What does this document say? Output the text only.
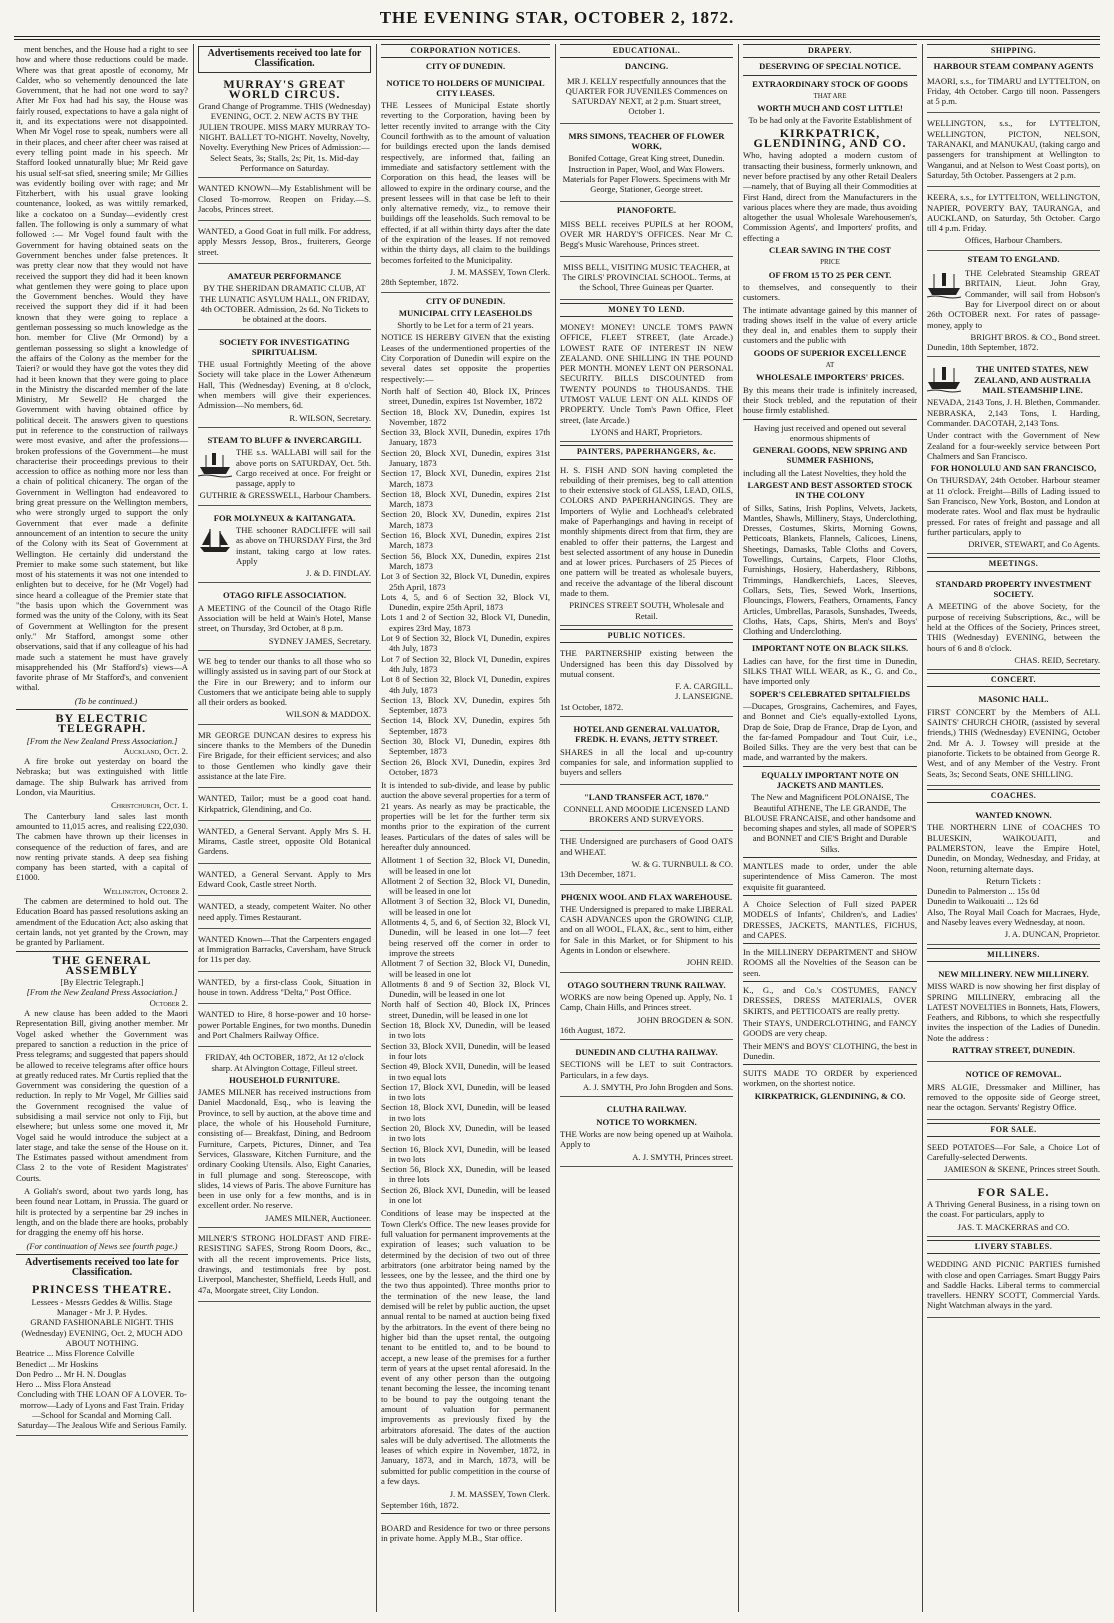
THE EVENING STAR, OCTOBER 2, 1872.

ment benches, and the House had a right to see how and where those reductions could be made. Where was that great apostle of economy, Mr Calder, who so vehemently denounced the late Government, that he had not one word to say? After Mr Fox had had his say, the House was fairly roused, expectations to have a gala night of it, and its expectations were not disappointed. When Mr Vogel rose to speak, numbers were all in their places, and cheer after cheer was raised at every telling point made in his speech. Mr Stafford looked unnaturally blue; Mr Reid gave his usual self-sat sfied, sneering smile; Mr Gillies was evidently boiling over with rage; and Mr Fitzherbert, with his usual grave looking countenance, looked, as was wittily remarked, like a cockatoo on a Sunday—evidently crest fallen. The following is only a summary of what followed :— Mr Vogel found fault with the Government for having obtained seats on the Government benches under false pretences. It was pretty clear now that they would not have received the support they did had it been known what gentlemen they were going to place upon the Government benches. Would they have received the support they did if it had been known that they were going to replace a gentleman possessing so much knowledge as the hon. member for Clive (Mr Ormond) by a gentleman possessing so slight a knowledge of the affairs of the Colony as the member for the Taieri? or would they have got the votes they did had it been known that they were going to place in the Ministry the discarded member of the late Ministry, Mr Sewell? He charged the Government with having obtained office by political deceit. The answers given to questions put in reference to the construction of railways were most evasive, and after the professions—broken professions of the Government—he must characterise their proceedings previous to their accession to office as nothing more nor less than a chain of political chicanery. The organ of the Government in Wellington had endeavored to bring great pressure on the Wellington members, who were strongly urged to support the only Government that ever made a definite announcement of an intention to secure the unity of the Colony with its Seat of Government at Wellington. He certainly did understand the Premier to make some such statement, but like most of his statements it was not one intended to enlighten but to deceive, for he (Mr Vogel) had since heard a colleague of the Premier state that "the basis upon which the Government was formed was the unity of the Colony, with its Seat of Government at Wellington for the present only." Mr Stafford, amongst some other observations, said that if any colleague of his had made such a statement he must have gravely misapprehended his (Mr Stafford's) views—A favorite phrase of Mr Stafford's, and convenient withal.

(To be continued.)

BY ELECTRIC TELEGRAPH.
[From the New Zealand Press Association.]
Auckland, Oct. 2.

A fire broke out yesterday on board the Nebraska; but was extinguished with little damage. The ship Bulwark has arrived from London, via Mauritius.

Christchurch, Oct. 1.

The Canterbury land sales last month amounted to 11,015 acres, and realising £22,030. The cabmen have thrown up their licenses in consequence of the reduction of fares, and are now renting private stands. A deep sea fishing company has been started, with a capital of £1000.

Wellington, October 2.

The cabmen are determined to hold out. The Education Board has passed resolutions asking an amendment of the Education Act; also asking that certain lands, not yet granted by the Crown, may be granted by Parliament.

THE GENERAL ASSEMBLY
[By Electric Telegraph.]
[From the New Zealand Press Association.]
October 2.

A new clause has been added to the Maori Representation Bill, giving another member. Mr Vogel asked whether the Government was prepared to sanction a reduction in the price of Press telegrams; and suggested that papers should be allowed to receive telegrams after office hours at greatly reduced rates. Mr Curtis replied that the Government was considering the question of a reduction. In reply to Mr Vogel, Mr Gillies said the Government recognised the value of subsidising a mail service not only to Fiji, but elsewhere; but unless some one moved it, Mr Vogel said he would introduce the subject at a later stage, and take the sense of the House on it. The Estimates passed without amendment from Class 2 to the vote of Resident Magistrates' Courts.

A Goliah's sword, about two yards long, has been found near Lottam, in Prussia. The guard or hilt is protected by a serpentine bar 29 inches in length, and on the blade there are hooks, probably for dragging the enemy off his horse.

(For continuation of News see fourth page.)
Advertisements received too late for Classification.
PRINCESS THEATRE.
Lessees - Messrs Geddes & Willis. Stage Manager - Mr J. P. Hydes.
GRAND FASHIONABLE NIGHT. THIS (Wednesday) EVENING, Oct. 2, MUCH ADO ABOUT NOTHING.
Beatrice ... Miss Florence Colville
Benedict ... Mr Hoskins
Don Pedro ... Mr H. N. Douglas
Hero ... Miss Flora Anstead
Concluding with THE LOAN OF A LOVER. To-morrow—Lady of Lyons and Fast Train. Friday—School for Scandal and Morning Call. Saturday—The Jealous Wife and Serious Family.
Advertisements received too late for Classification.
MURRAY'S GREAT WORLD CIRCUS.
Grand Change of Programme. THIS (Wednesday) EVENING, OCT. 2. NEW ACTS BY THE JULIEN TROUPE. MISS MARY MURRAY TO-NIGHT. BALLET TO-NIGHT. Novelty, Novelty, Novelty. Everything New Prices of Admission:—Select Seats, 3s; Stalls, 2s; Pit, 1s. Mid-day Performance on Saturday.

WANTED KNOWN—My Establishment will be Closed To-morrow. Reopen on Friday.—S. Jacobs, Princes street.

WANTED, a Good Goat in full milk. For address, apply Messrs Jessop, Bros., fruiterers, George street.

AMATEUR PERFORMANCE
BY THE SHERIDAN DRAMATIC CLUB, AT THE LUNATIC ASYLUM HALL, ON FRIDAY, 4th OCTOBER. Admission, 2s 6d. No Tickets to be obtained at the doors.
SOCIETY FOR INVESTIGATING SPIRITUALISM.

THE usual Fortnightly Meeting of the above Society will take place in the Lower Athenæum Hall, This (Wednesday) Evening, at 8 o'clock, when members will give their experiences. Admission—No members, 6d.

R. WILSON, Secretary.
STEAM TO BLUFF & INVERCARGILL

THE s.s. WALLABI will sail for the above ports on SATURDAY, Oct. 5th. Cargo received at once. For freight or passage, apply to

GUTHRIE & GRESSWELL, Harbour Chambers.
FOR MOLYNEUX & KAITANGATA.

THE schooner RADCLIFFE will sail as above on THURSDAY First, the 3rd instant, taking cargo at low rates. Apply

J. & D. FINDLAY.
OTAGO RIFLE ASSOCIATION.

A MEETING of the Council of the Otago Rifle Association will be held at Wain's Hotel, Manse street, on Thursday, 3rd October, at 8 p.m.

SYDNEY JAMES, Secretary.

WE beg to tender our thanks to all those who so willingly assisted us in saving part of our Stock at the Fire in our Brewery; and to inform our Customers that we anticipate being able to supply all their orders as booked.

WILSON & MADDOX.

MR GEORGE DUNCAN desires to express his sincere thanks to the Members of the Dunedin Fire Brigade, for their efficient services; and also to those Gentlemen who kindly gave their assistance at the late Fire.

WANTED, Tailor; must be a good coat hand. Kirkpatrick, Glendining, and Co.

WANTED, a General Servant. Apply Mrs S. H. Mirams, Castle street, opposite Old Botanical Gardens.

WANTED, a General Servant. Apply to Mrs Edward Cook, Castle street North.

WANTED, a steady, competent Waiter. No other need apply. Times Restaurant.

WANTED Known—That the Carpenters engaged at Immigration Barracks, Caversham, have Struck for 11s per day.

WANTED, by a first-class Cook, Situation in house in town. Address "Delta," Post Office.

WANTED to Hire, 8 horse-power and 10 horse-power Portable Engines, for two months. Dunedin and Port Chalmers Railway Office.

FRIDAY, 4th OCTOBER, 1872, At 12 o'clock sharp. At Alvington Cottage, Filleul street.
HOUSEHOLD FURNITURE.

JAMES MILNER has received instructions from Daniel Macdonald, Esq., who is leaving the Province, to sell by auction, at the above time and place, the whole of his Household Furniture, consisting of— Breakfast, Dining, and Bedroom Furniture, Carpets, Pictures, Dinner, and Tea Services, Glassware, Kitchen Furniture, and the ordinary Cooking Utensils. Also, Eight Canaries, in full plumage and song. Stereoscope, with slides, 14 views of Paris. The above Furniture has been in use only for a few months, and is in excellent order. No reserve.

JAMES MILNER, Auctioneer.

MILNER'S STRONG HOLDFAST AND FIRE-RESISTING SAFES, Strong Room Doors, &c., with all the recent improvements. Price lists, drawings, and testimonials free by post. Liverpool, Manchester, Sheffield, Leeds Hull, and 47a, Moorgate street, City London.

CORPORATION NOTICES.
CITY OF DUNEDIN.
NOTICE TO HOLDERS OF MUNICIPAL CITY LEASES.

THE Lessees of Municipal Estate shortly reverting to the Corporation, having been by letter recently invited to arrange with the City Council forthwith as to the amount of valuation for buildings erected upon the lands demised respectively, are informed that, failing an immediate and satisfactory settlement with the Corporation on this head, the leases will be allowed to expire in the ordinary course, and the present lessees will in that case be left to their only alternative remedy, viz., to remove their buildings off the leaseholds. Such removal to be effected, if at all within thirty days after the date of the expiration of the leases. If not removed within the thirty days, all claim to the buildings becomes forfeited to the Municipality.

J. M. MASSEY, Town Clerk.
28th September, 1872.
CITY OF DUNEDIN.
MUNICIPAL CITY LEASEHOLDS
Shortly to be Let for a term of 21 years.

NOTICE IS HEREBY GIVEN that the existing Leases of the undermentioned properties of the City Corporation of Dunedin will expire on the several dates set opposite the properties respectively:—

North half of Section 40, Block IX, Princes street, Dunedin, expires 1st November, 1872
Section 18, Block XV, Dunedin, expires 1st November, 1872
Section 33, Block XVII, Dunedin, expires 17th January, 1873
Section 20, Block XVI, Dunedin, expires 31st January, 1873
Section 17, Block XVI, Dunedin, expires 21st March, 1873
Section 18, Block XVI, Dunedin, expires 21st March, 1873
Section 20, Block XV, Dunedin, expires 21st March, 1873
Section 16, Block XVI, Dunedin, expires 21st March, 1873
Section 56, Block XX, Dunedin, expires 21st March, 1873
Lot 3 of Section 32, Block VI, Dunedin, expires 25th April, 1873
Lots 4, 5, and 6 of Section 32, Block VI, Dunedin, expire 25th April, 1873
Lots 1 and 2 of Section 32, Block VI, Dunedin, expires 23rd May, 1873
Lot 9 of Section 32, Block VI, Dunedin, expires 4th July, 1873
Lot 7 of Section 32, Block VI, Dunedin, expires 4th July, 1873
Lot 8 of Section 32, Block VI, Dunedin, expires 4th July, 1873
Section 13, Block XV, Dunedin, expires 5th September, 1873
Section 14, Block XV, Dunedin, expires 5th September, 1873
Section 30, Block VI, Dunedin, expires 8th September, 1873
Section 26, Block XVI, Dunedin, expires 3rd October, 1873

It is intended to sub-divide, and lease by public auction the above several properties for a term of 21 years. As nearly as may be practicable, the properties will be let for the further term six months prior to the expiration of the current leases. Particulars of the dates of sales will be hereafter duly announced.

Allotment 1 of Section 32, Block VI, Dunedin, will be leased in one lot
Allotment 2 of Section 32, Block VI, Dunedin, will be leased in one lot
Allotment 3 of Section 32, Block VI, Dunedin, will be leased in one lot
Allotments 4, 5, and 6, of Section 32, Block VI, Dunedin, will be leased in one lot—7 feet being reserved off the corner in order to improve the streets
Allotment 7 of Section 32, Block VI, Dunedin, will be leased in one lot
Allotments 8 and 9 of Section 32, Block VI, Dunedin, will be leased in one lot
North half of Section 40, Block IX, Princes street, Dunedin, will be leased in one lot
Section 18, Block XV, Dunedin, will be leased in two lots
Section 33, Block XVII, Dunedin, will be leased in four lots
Section 49, Block XVII, Dunedin, will be leased in two equal lots
Section 17, Block XVI, Dunedin, will be leased in two lots
Section 18, Block XVI, Dunedin, will be leased in two lots
Section 20, Block XV, Dunedin, will be leased in two lots
Section 16, Block XVI, Dunedin, will be leased in two lots
Section 56, Block XX, Dunedin, will be leased in three lots
Section 26, Block XVI, Dunedin, will be leased in one lot

Conditions of lease may be inspected at the Town Clerk's Office. The new leases provide for full valuation for permanent improvements at the expiration of leases; such valuation to be determined by the decision of two out of three arbitrators (one arbitrator being named by the lessees, one by the lessee, and the third one by the two thus appointed). Three months prior to the termination of the new lease, the land demised will be relet by public auction, the upset annual rental to be named at auction being fixed by the arbitrators. In the event of there being no higher bid than the upset rental, the outgoing tenant to be entitled to, and to be bound to accept, a new lease of the premises for a further term of years at the upset rental aforesaid. In the event of any other person than the outgoing tenant becoming the lessee, the incoming tenant to be bound to pay the outgoing tenant the amount of valuation for permanent improvements as previously fixed by the arbitrators aforesaid. The dates of the auction sales will be duly advertised. The allotments the leases of which expire in November, 1872, in January, 1873, and in March, 1873, will be submitted for public competition in the course of a few days.

J. M. MASSEY, Town Clerk.
September 16th, 1872.

BOARD and Residence for two or three persons in private home. Apply M.B., Star office.

EDUCATIONAL.
DANCING.

MR J. KELLY respectfully announces that the QUARTER FOR JUVENILES Commences on SATURDAY NEXT, at 2 p.m. Stuart street, October 1.

MRS SIMONS, TEACHER OF FLOWER WORK,

Bonifed Cottage, Great King street, Dunedin. Instruction in Paper, Wool, and Wax Flowers. Materials for Paper Flowers. Specimens with Mr George, Stationer, George street.

PIANOFORTE.

MISS BELL receives PUPILS at her ROOM, OVER MR HARDY'S OFFICES. Near Mr C. Begg's Music Warehouse, Princes street.

MISS BELL, VISITING MUSIC TEACHER, at The GIRLS' PROVINCIAL SCHOOL. Terms, at the School, Three Guineas per Quarter.

MONEY TO LEND.

MONEY! MONEY! UNCLE TOM'S PAWN OFFICE, FLEET STREET, (late Arcade.) LOWEST RATE OF INTEREST IN NEW ZEALAND. ONE SHILLING IN THE POUND PER MONTH. MONEY LENT ON PERSONAL SECURITY. BILLS DISCOUNTED from TWENTY POUNDS to THOUSANDS. THE UTMOST VALUE LENT ON ALL KINDS OF PROPERTY. Uncle Tom's Pawn Office, Fleet street, (late Arcade.)

LYONS and HART, Proprietors.
PAINTERS, PAPERHANGERS, &c.

H. S. FISH AND SON having completed the rebuilding of their premises, beg to call attention to their extensive stock of GLASS, LEAD, OILS, COLORS AND PAPERHANGINGS. They are Importers of Wylie and Lochhead's celebrated make of Paperhangings and having in receipt of monthly shipments direct from that firm, they are enabled to offer their patterns, the Largest and best selected assortment of any house in Dunedin and at lower prices. Purchasers of 25 Pieces of one pattern will be treated as wholesale buyers, and receive the advantage of the liberal discount made to them.

PRINCES STREET SOUTH, Wholesale and Retail.
PUBLIC NOTICES.

THE PARTNERSHIP existing between the Undersigned has been this day Dissolved by mutual consent.

F. A. CARGILL.
J. LANSEIGNE.
1st October, 1872.
HOTEL AND GENERAL VALUATOR, FREDK. H. EVANS, JETTY STREET.

SHARES in all the local and up-country companies for sale, and information supplied to buyers and sellers

"LAND TRANSFER ACT, 1870."

CONNELL AND MOODIE LICENSED LAND BROKERS AND SURVEYORS.

THE Undersigned are purchasers of Good OATS and WHEAT.

W. & G. TURNBULL & CO.
13th December, 1871.
PHŒNIX WOOL AND FLAX WAREHOUSE.

THE Undersigned is prepared to make LIBERAL CASH ADVANCES upon the GROWING CLIP, and on all WOOL, FLAX, &c., sent to him, either for Sale in this Market, or for Shipment to his Agents in London or elsewhere.

JOHN REID.
OTAGO SOUTHERN TRUNK RAILWAY.

WORKS are now being Opened up. Apply, No. 1 Camp, Chain Hills, and Princes street.

JOHN BROGDEN & SON.
16th August, 1872.
DUNEDIN AND CLUTHA RAILWAY.

SECTIONS will be LET to suit Contractors. Particulars, in a few days.

A. J. SMYTH, Pro John Brogden and Sons.
CLUTHA RAILWAY.
NOTICE TO WORKMEN.

THE Works are now being opened up at Waihola. Apply to

A. J. SMYTH, Princes street.
DRAPERY.
DESERVING OF SPECIAL NOTICE.
EXTRAORDINARY STOCK OF GOODS
THAT ARE
WORTH MUCH AND COST LITTLE!
To be had only at the Favorite Establishment of
KIRKPATRICK, GLENDINING, AND CO.

Who, having adopted a modern custom of transacting their business, formerly unknown, and never before practised by any other Retail Dealers—namely, that of Buying all their Commodities at First Hand, direct from the Manufacturers in the various places where they are made, thus avoiding altogether the usual Wholesale Warehousemen's, Commission Agents', and Importers' profits, and effecting a

CLEAR SAVING IN THE COST
PRICE
OF FROM 15 TO 25 PER CENT.

to themselves, and consequently to their customers.

The intimate advantage gained by this manner of trading shows itself in the value of every article they deal in, and enables them to supply their customers and the public with

GOODS OF SUPERIOR EXCELLENCE
AT
WHOLESALE IMPORTERS' PRICES.

By this means their trade is infinitely increased, their Stock trebled, and the reputation of their house firmly established.

Having just received and opened out several enormous shipments of

GENERAL GOODS, NEW SPRING AND SUMMER FASHIONS,

including all the Latest Novelties, they hold the

LARGEST AND BEST ASSORTED STOCK IN THE COLONY

of Silks, Satins, Irish Poplins, Velvets, Jackets, Mantles, Shawls, Millinery, Stays, Underclothing, Dresses, Costumes, Skirts, Morning Gowns, Petticoats, Blankets, Flannels, Calicoes, Linens, Sheetings, Damasks, Table Cloths and Covers, Towellings, Curtains, Carpets, Floor Cloths, Furnishings, Hosiery, Haberdashery, Ribbons, Trimmings, Handkerchiefs, Laces, Sleeves, Collars, Sets, Ties, Sewed Work, Insertions, Flouncings, Flowers, Feathers, Ornaments, Fancy Articles, Umbrellas, Parasols, Sunshades, Tweeds, Cloths, Hats, Caps, Shirts, Men's and Boys' Clothing and Underclothing.

IMPORTANT NOTE ON BLACK SILKS.

Ladies can have, for the first time in Dunedin, SILKS THAT WILL WEAR, as K., G. and Co., have imported only

SOPER'S CELEBRATED SPITALFIELDS

—Ducapes, Grosgrains, Cachemires, and Fayes, and Bonnet and Cie's equally-extolled Lyons, Drap de Soie, Drap de France, Drap de Lyon, and the far-famed Pompadour and Tout Cuir, i.e., Boiled Silks. They are the very best that can be made, and warranted by the makers.

EQUALLY IMPORTANT NOTE ON JACKETS AND MANTLES.

The New and Magnificent POLONAISE, The Beautiful ATHENE, The LE GRANDE, The BLOUSE FRANCAISE, and other handsome and becoming shapes and styles, all made of SOPER'S and BONNET and CIE'S Bright and Durable Silks.

MANTLES made to order, under the able superintendence of Miss Cameron. The most exquisite fit guaranteed.

A Choice Selection of Full sized PAPER MODELS of Infants', Children's, and Ladies' DRESSES, JACKETS, MANTLES, FICHUS, and CAPES.

In the MILLINERY DEPARTMENT and SHOW ROOMS all the Novelties of the Season can be seen.

K., G., and Co.'s COSTUMES, FANCY DRESSES, DRESS MATERIALS, OVER SKIRTS, and PETTICOATS are really pretty.

Their STAYS, UNDERCLOTHING, and FANCY GOODS are very cheap.

Their MEN'S and BOYS' CLOTHING, the best in Dunedin.

SUITS MADE TO ORDER by experienced workmen, on the shortest notice.

KIRKPATRICK, GLENDINING, & CO.
SHIPPING.
HARBOUR STEAM COMPANY AGENTS

MAORI, s.s., for TIMARU and LYTTELTON, on Friday, 4th October. Cargo till noon. Passengers at 5 p.m.

WELLINGTON, s.s., for LYTTELTON, WELLINGTON, PICTON, NELSON, TARANAKI, and MANUKAU, (taking cargo and passengers for transhipment at Wellington to Wanganui, and at Nelson to West Coast ports), on Saturday, 5th October. Passengers at 2 p.m.

KEERA, s.s., for LYTTELTON, WELLINGTON, NAPIER, POVERTY BAY, TAURANGA, and AUCKLAND, on Saturday, 5th October. Cargo till 4 p.m. Friday.

Offices, Harbour Chambers.
STEAM TO ENGLAND.

THE Celebrated Steamship GREAT BRITAIN, Lieut. John Gray, Commander, will sail from Hobson's Bay for Liverpool direct on or about 26th OCTOBER next. For rates of passage-money, apply to

BRIGHT BROS. & CO., Bond street.
Dunedin, 18th September, 1872.
THE UNITED STATES, NEW ZEALAND, AND AUSTRALIA MAIL STEAMSHIP LINE.

NEVADA, 2143 Tons, J. H. Blethen, Commander. NEBRASKA, 2,143 Tons, I. Harding, Commander. DACOTAH, 2,143 Tons.

Under contract with the Government of New Zealand for a four-weekly service between Port Chalmers and San Francisco.

FOR HONOLULU AND SAN FRANCISCO,

On THURSDAY, 24th October. Harbour steamer at 11 o'clock. Freight—Bills of Lading issued to San Francisco, New York, Boston, and London at moderate rates. Wool and flax must be hydraulic pressed. For rates of freight and passage and all further particulars, apply to

DRIVER, STEWART, and Co Agents.
MEETINGS.
STANDARD PROPERTY INVESTMENT SOCIETY.

A MEETING of the above Society, for the purpose of receiving Subscriptions, &c., will be held at the Offices of the Society, Princes street, THIS (Wednesday) EVENING, between the hours of 6 and 8 o'clock.

CHAS. REID, Secretary.
CONCERT.
MASONIC HALL.

FIRST CONCERT by the Members of ALL SAINTS' CHURCH CHOIR, (assisted by several friends,) THIS (Wednesday) EVENING, October 2nd. Mr A. J. Towsey will preside at the pianoforte. Tickets to be obtained from George R. West, and of any Member of the Vestry. Front Seats, 3s; Second Seats, ONE SHILLING.

COACHES.
WANTED KNOWN.

THE NORTHERN LINE of COACHES TO BLUESKIN, WAIKOUAITI, and PALMERSTON, leave the Empire Hotel, Dunedin, on Monday, Wednesday, and Friday, at Noon, returning alternate days.

Return Tickets :
Dunedin to Palmerston ... 15s 0d
Dunedin to Waikouaiti ... 12s 6d

Also, The Royal Mail Coach for Macraes, Hyde, and Naseby leaves every Wednesday, at noon.

J. A. DUNCAN, Proprietor.
MILLINERS.
NEW MILLINERY. NEW MILLINERY.

MISS WARD is now showing her first display of SPRING MILLINERY, embracing all the LATEST NOVELTIES in Bonnets, Hats, Flowers, Feathers, and Ribbons, to which she respectfully invites the inspection of the Ladies of Dunedin. Note the address :

RATTRAY STREET, DUNEDIN.
NOTICE OF REMOVAL.

MRS ALGIE, Dressmaker and Milliner, has removed to the opposite side of George street, near the octagon. Servants' Registry Office.

FOR SALE.

SEED POTATOES—For Sale, a Choice Lot of Carefully-selected Derwents.

JAMIESON & SKENE, Princes street South.
FOR SALE.

A Thriving General Business, in a rising town on the coast. For particulars, apply to

JAS. T. MACKERRAS and CO.
LIVERY STABLES.

WEDDING AND PICNIC PARTIES furnished with close and open Carriages. Smart Buggy Pairs and Saddle Hacks. Liberal terms to commercial travellers. HENRY SCOTT, Commercial Yards. Night Watchman always in the yard.
